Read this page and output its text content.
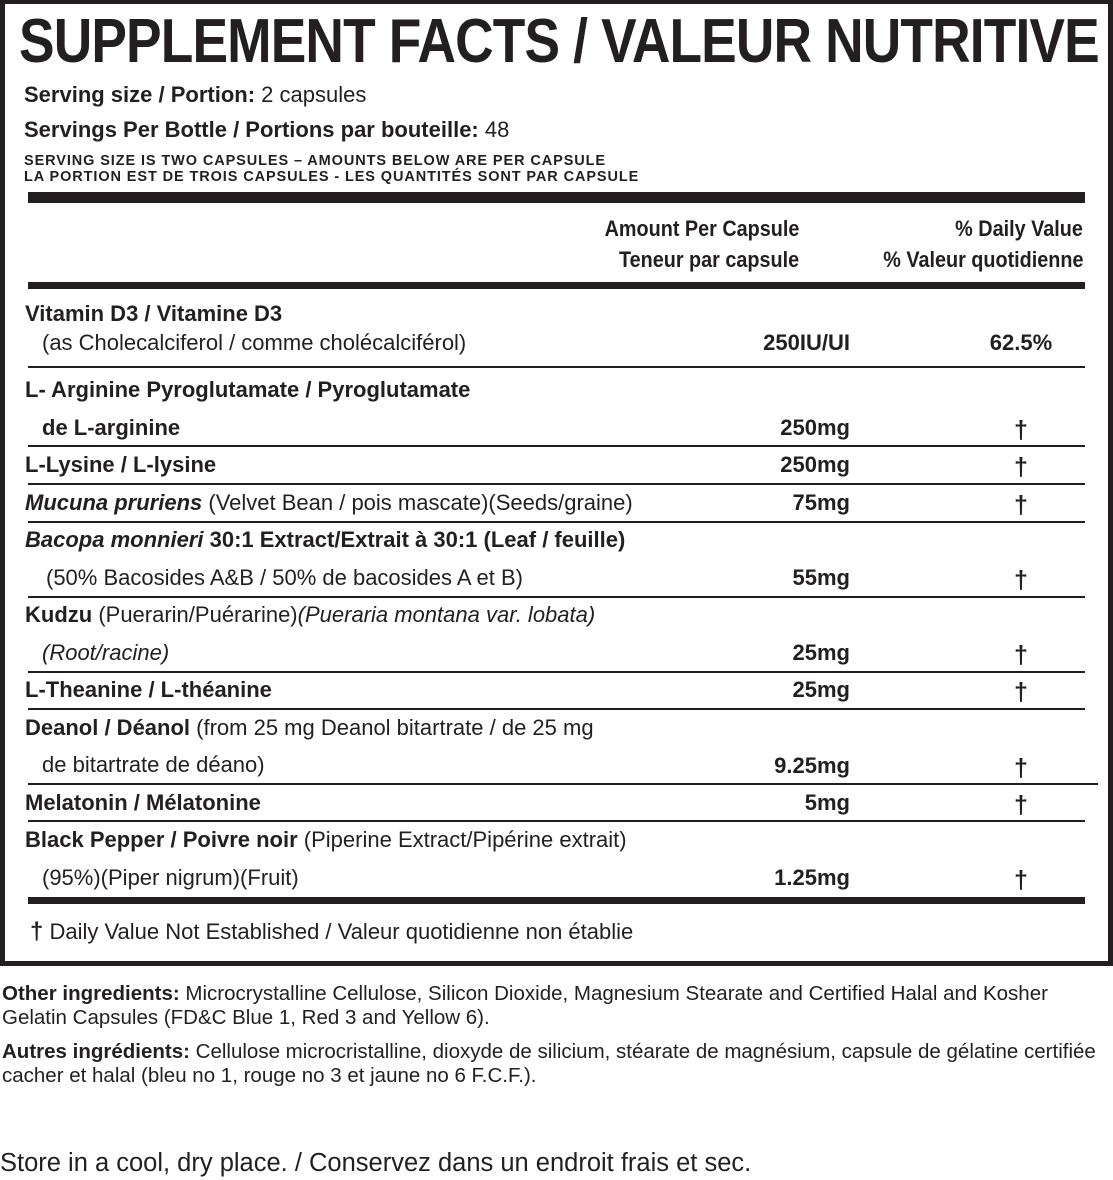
SUPPLEMENT FACTS / VALEUR NUTRITIVE
Serving size / Portion: 2 capsules
Servings Per Bottle / Portions par bouteille: 48
SERVING SIZE IS TWO CAPSULES – AMOUNTS BELOW ARE PER CAPSULE
LA PORTION EST DE TROIS CAPSULES - LES QUANTITÉS SONT PAR CAPSULE
Amount Per Capsule
Teneur par capsule
% Daily Value
% Valeur quotidienne
Vitamin D3 / Vitamine D3
(as Cholecalciferol / comme cholécalciférol)	250IU/UI	62.5%
L- Arginine Pyroglutamate / Pyroglutamate
de L-arginine	250mg	†
L-Lysine / L-lysine	250mg	†
Mucuna pruriens (Velvet Bean / pois mascate)(Seeds/graine)	75mg	†
Bacopa monnieri 30:1 Extract/Extrait à 30:1 (Leaf / feuille)
(50% Bacosides A&B / 50% de bacosides A et B)	55mg	†
Kudzu (Puerarin/Puérarine)(Pueraria montana var. lobata)
(Root/racine)	25mg	†
L-Theanine / L-théanine	25mg	†
Deanol / Déanol (from 25 mg Deanol bitartrate / de 25 mg
de bitartrate de déano)	9.25mg	†
Melatonin / Mélatonine	5mg	†
Black Pepper / Poivre noir (Piperine Extract/Pipérine extrait)
(95%)(Piper nigrum)(Fruit)	1.25mg	†
† Daily Value Not Established / Valeur quotidienne non établie
Other ingredients: Microcrystalline Cellulose, Silicon Dioxide, Magnesium Stearate and Certified Halal and Kosher Gelatin Capsules (FD&C Blue 1, Red 3 and Yellow 6).
Autres ingrédients: Cellulose microcristalline, dioxyde de silicium, stéarate de magnésium, capsule de gélatine certifiée cacher et halal (bleu no 1, rouge no 3 et jaune no 6 F.C.F.).
Store in a cool, dry place. / Conservez dans un endroit frais et sec.
